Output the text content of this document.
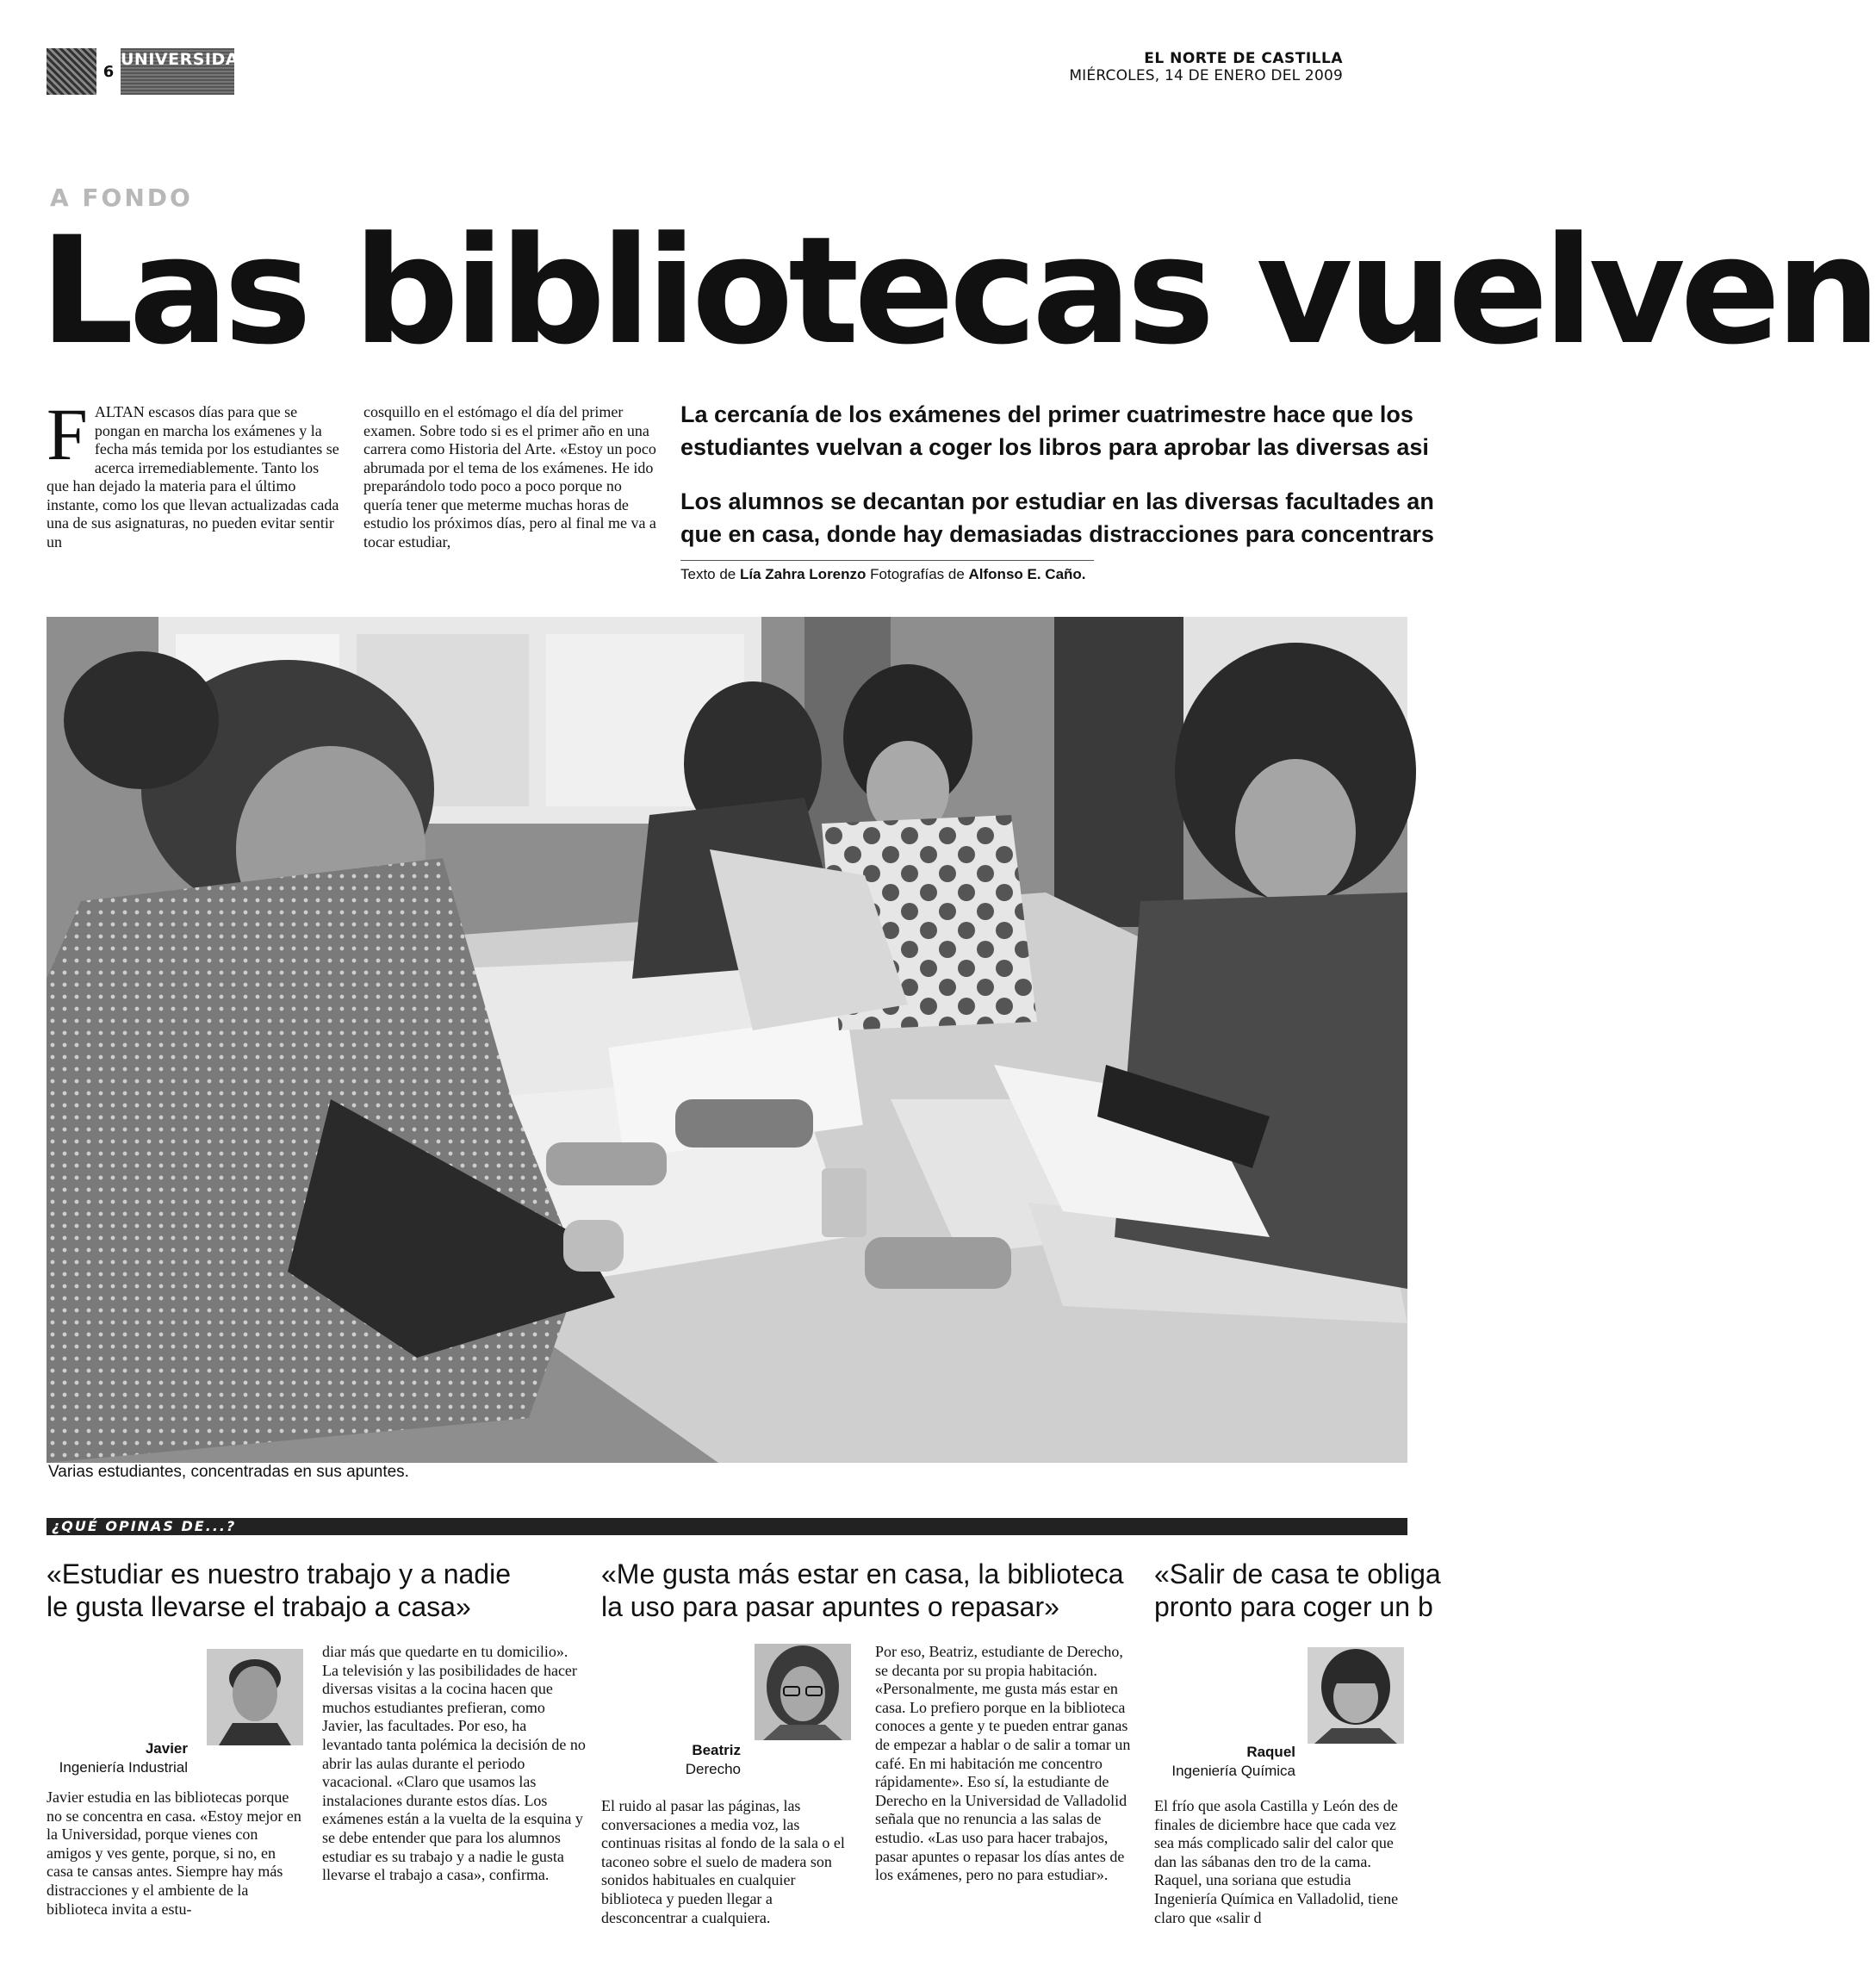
6
UNIVERSIDAD	EL NORTE DE CASTILLA
MIÉRCOLES, 14 DE ENERO DEL 2009
A FONDO
Las bibliotecas vuelven
F ALTAN escasos días para que se pongan en marcha los exámenes y la fecha más temida por los estudiantes se acerca irremediablemente. Tanto los que han dejado la materia para el último instante, como los que llevan actualizadas cada una de sus asignaturas, no pueden evitar sentir un
cosquillo en el estómago el día del primer examen. Sobre todo si es el primer año en una carrera como Historia del Arte. «Estoy un poco abrumada por el tema de los exámenes. He ido preparándolo todo poco a poco porque no quería tener que meterme muchas horas de estudio los próximos días, pero al final me va a tocar estudiar,
La cercanía de los exámenes del primer cuatrimestre hace que los
estudiantes vuelvan a coger los libros para aprobar las diversas asi
Los alumnos se decantan por estudiar en las diversas facultades an
que en casa, donde hay demasiadas distracciones para concentrars
Texto de Lía Zahra Lorenzo Fotografías de Alfonso E. Caño.
Varias estudiantes, concentradas en sus apuntes.
¿QUÉ OPINAS DE...?
«Estudiar es nuestro trabajo y a nadie
le gusta llevarse el trabajo a casa»
«Me gusta más estar en casa, la biblioteca
la uso para pasar apuntes o repasar»
«Salir de casa te obliga
pronto para coger un b
Javier
Ingeniería Industrial
Beatriz
Derecho
Raquel
Ingeniería Química
Javier estudia en las bibliotecas porque no se concentra en casa. «Estoy mejor en la Universidad, porque vienes con amigos y ves gente, porque, si no, en casa te cansas antes. Siempre hay más distracciones y el ambiente de la biblioteca invita a estu-
diar más que quedarte en tu domicilio». La televisión y las posibilidades de hacer diversas visitas a la cocina hacen que muchos estudiantes prefieran, como Javier, las facultades. Por eso, ha levantado tanta polémica la decisión de no abrir las aulas durante el periodo vacacional. «Claro que usamos las instalaciones durante estos días. Los exámenes están a la vuelta de la esquina y se debe entender que para los alumnos estudiar es su trabajo y a nadie le gusta llevarse el trabajo a casa», confirma.
El ruido al pasar las páginas, las conversaciones a media voz, las continuas risitas al fondo de la sala o el taconeo sobre el suelo de madera son sonidos habituales en cualquier biblioteca y pueden llegar a desconcentrar a cualquiera.
Por eso, Beatriz, estudiante de Derecho, se decanta por su propia habitación. «Personalmente, me gusta más estar en casa. Lo prefiero porque en la biblioteca conoces a gente y te pueden entrar ganas de empezar a hablar o de salir a tomar un café. En mi habitación me concentro rápidamente». Eso sí, la estudiante de Derecho en la Universidad de Valladolid señala que no renuncia a las salas de estudio. «Las uso para hacer trabajos, pasar apuntes o repasar los días antes de los exámenes, pero no para estudiar».
El frío que asola Castilla y León des de finales de diciembre hace que cada vez sea más complicado salir del calor que dan las sábanas den tro de la cama. Raquel, una soriana que estudia Ingeniería Química en Valladolid, tiene claro que «salir d
